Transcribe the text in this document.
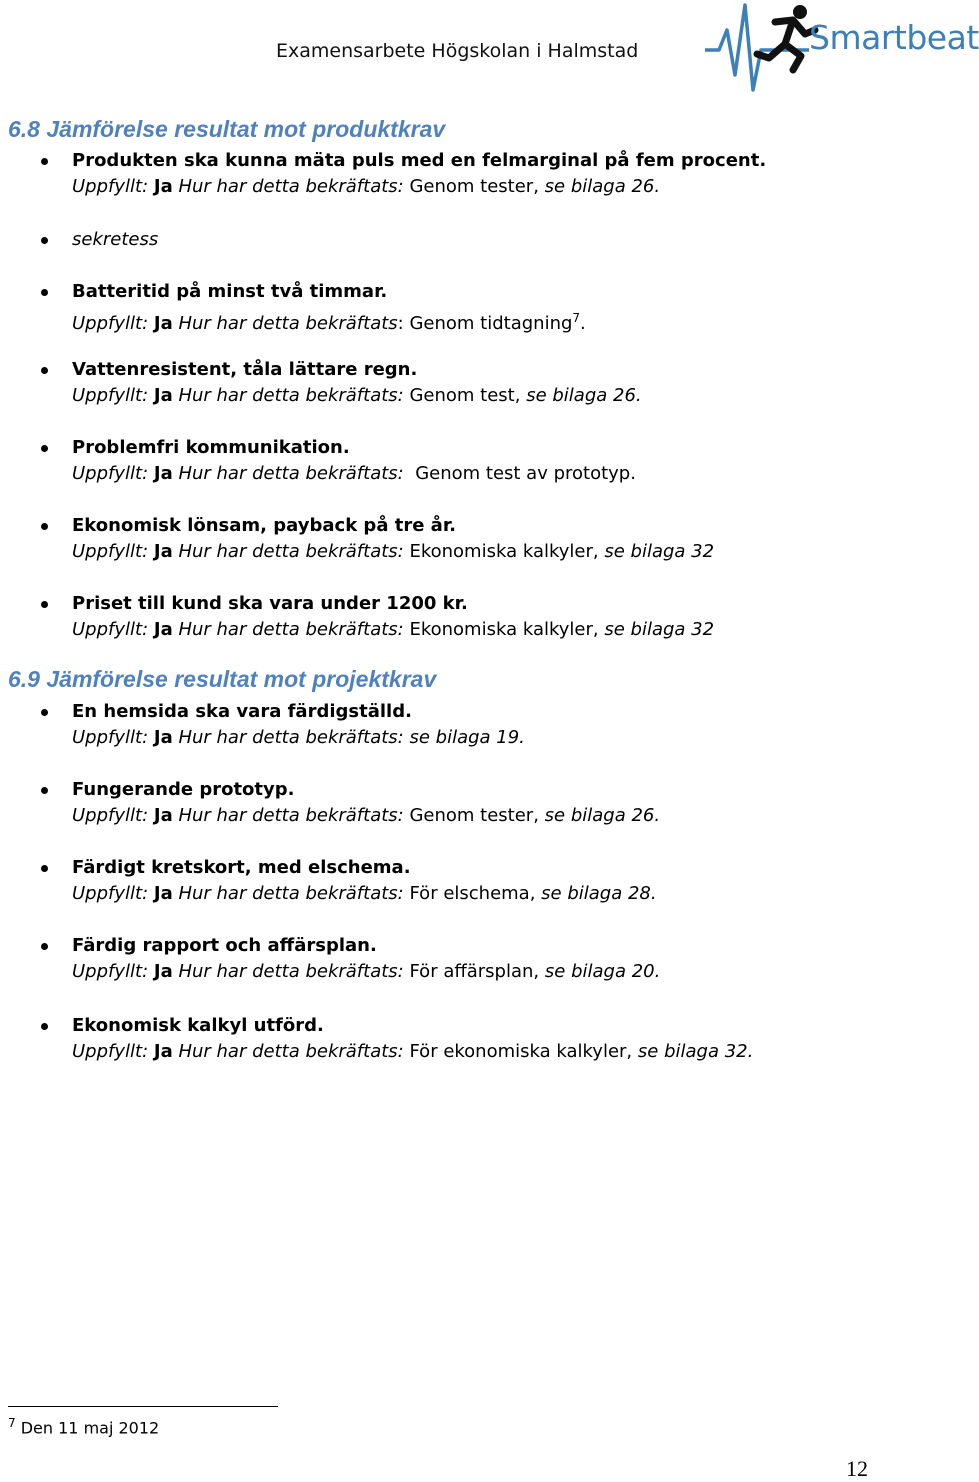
Examensarbete Högskolan i Halmstad	Smartbeat
6.8 Jämförelse resultat mot produktkrav
Produkten ska kunna mäta puls med en felmarginal på fem procent.
Uppfyllt: Ja Hur har detta bekräftats: Genom tester, se bilaga 26.
sekretess
Batteritid på minst två timmar.
Uppfyllt: Ja Hur har detta bekräftats: Genom tidtagning$^7$.
Vattenresistent, tåla lättare regn.
Uppfyllt: Ja Hur har detta bekräftats: Genom test, se bilaga 26.
Problemfri kommunikation.
Uppfyllt: Ja Hur har detta bekräftats: Genom test av prototyp.
Ekonomisk lönsam, payback på tre år.
Uppfyllt: Ja Hur har detta bekräftats: Ekonomiska kalkyler, se bilaga 32
Priset till kund ska vara under 1200 kr.
Uppfyllt: Ja Hur har detta bekräftats: Ekonomiska kalkyler, se bilaga 32
6.9 Jämförelse resultat mot projektkrav
En hemsida ska vara färdigställd.
Uppfyllt: Ja Hur har detta bekräftats: se bilaga 19.
Fungerande prototyp.
Uppfyllt: Ja Hur har detta bekräftats: Genom tester, se bilaga 26.
Färdigt kretskort, med elschema.
Uppfyllt: Ja Hur har detta bekräftats: För elschema, se bilaga 28.
Färdig rapport och affärsplan.
Uppfyllt: Ja Hur har detta bekräftats: För affärsplan, se bilaga 20.
Ekonomisk kalkyl utförd.
Uppfyllt: Ja Hur har detta bekräftats: För ekonomiska kalkyler, se bilaga 32.
$^7$ Den 11 maj 2012
12
